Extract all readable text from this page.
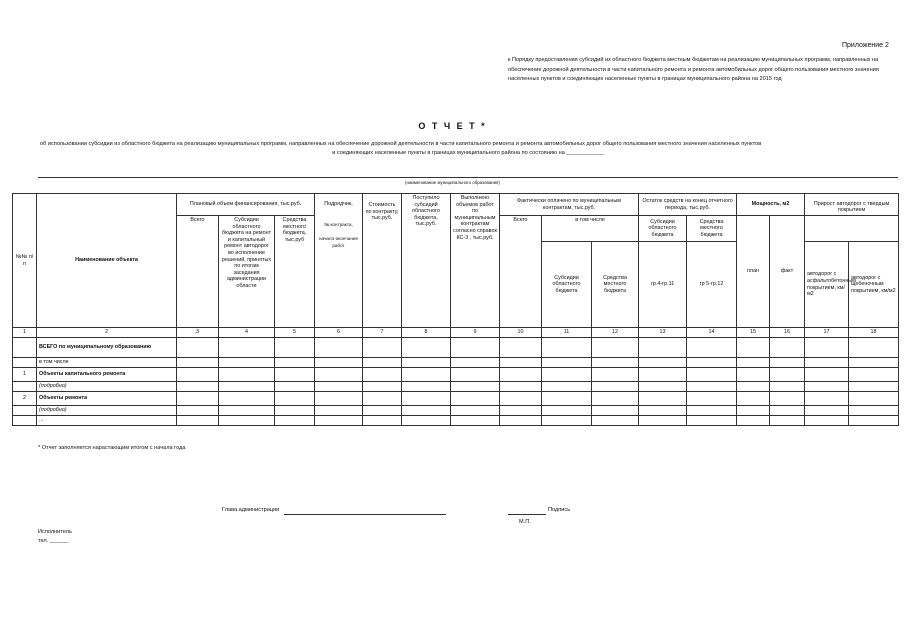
Приложение 2
к Порядку предоставления субсидий из областного бюджета местным бюджетам на реализацию муниципальных программ, направленных на обеспечение дорожной деятельности в части капитального ремонта и ремонта автомобильных дорог общего пользования местного значения населенных пунктов и соединяющих населенные пункты в границах муниципального района на 2015 год
О Т Ч Е Т *
об использовании субсидии из областного бюджета на реализацию муниципальных программ, направленных на обеспечение дорожной деятельности в части капитального ремонта и ремонта автомобильных дорог общего пользования местного значения населенных пунктов
и соединяющих населенные пункты в границах муниципального района по состоянию на ____________
(наименование муниципального образования)
№№ п/п	Наименование объекта	Плановый объем финансирования, тыс.руб.			Подрядчик,
№ контракта,
начало-окончание работ	Стоимость по контракту, тыс.руб.	Поступило субсидий областного бюджета, тыс.руб.	Выполнено объемов работ по муниципальным контрактам согласно справок КС-3 , тыс.руб.	Фактически оплачено по муниципальным контрактам, тыс.руб.			Остаток средств на конец отчетного периода, тыс.руб.		Мощность, м2		Прирост автодорог с твердым покрытием	
		Всего	Субсидии областного бюджета на ремонт и капитальный ремонт автодорог во исполнение решений, принятых по итогам заседания администрации области	Средства местного бюджета, тыс.руб					Всего	в том числе		Субсидии областного бюджета	Средства местного бюджета	план	факт		
										Субсидии областного бюджета	Средства местного бюджета	гр.4-гр.11	гр 5-гр.12			автодорог с асфальтобетонным покрытием, км/м2	автодорог с щебеночным покрытием, км/м2
1	2	3	4	5	6	7	8	9	10	11	12	13	14	15	16	17	18
	ВСЕГО по муниципальному образованию																
	в том числе																
1	Объекты капитального ремонта																
	(подробно)																
2	Объекты ремонта																
	(подробно)																
	...																
* Отчет заполняется нарастающим итогом с начала года
Глава администрации	Подпись
М.П.
Исполнитель
тел. ______
